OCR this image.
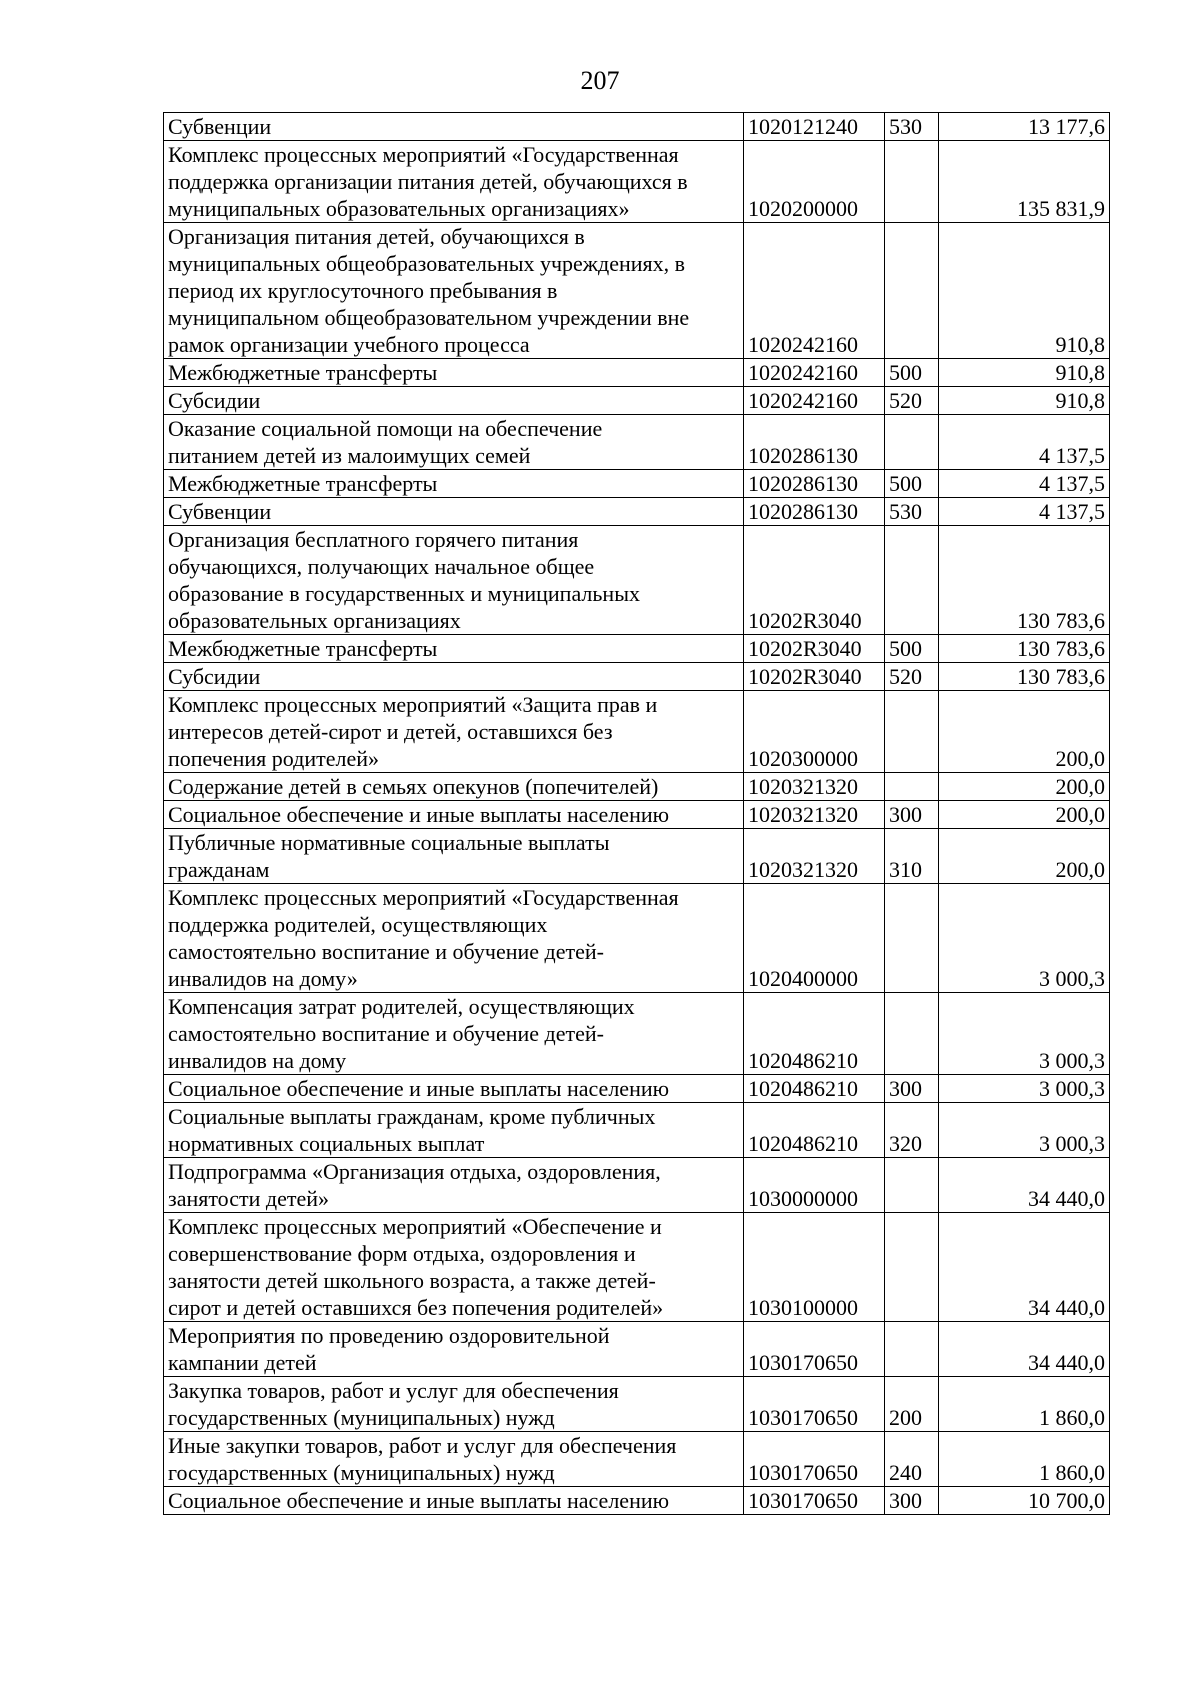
207
Субвенции	1020121240	530	13 177,6
Комплекс процессных мероприятий «Государственная
поддержка организации питания детей, обучающихся в
муниципальных образовательных организациях»	1020200000		135 831,9
Организация питания детей, обучающихся в
муниципальных общеобразовательных учреждениях, в
период их круглосуточного пребывания в
муниципальном общеобразовательном учреждении вне
рамок организации учебного процесса	1020242160		910,8
Межбюджетные трансферты	1020242160	500	910,8
Субсидии	1020242160	520	910,8
Оказание социальной помощи на обеспечение
питанием детей из малоимущих семей	1020286130		4 137,5
Межбюджетные трансферты	1020286130	500	4 137,5
Субвенции	1020286130	530	4 137,5
Организация бесплатного горячего питания
обучающихся, получающих начальное общее
образование в государственных и муниципальных
образовательных организациях	10202R3040		130 783,6
Межбюджетные трансферты	10202R3040	500	130 783,6
Субсидии	10202R3040	520	130 783,6
Комплекс процессных мероприятий «Защита прав и
интересов детей-сирот и детей, оставшихся без
попечения родителей»	1020300000		200,0
Содержание детей в семьях опекунов (попечителей)	1020321320		200,0
Социальное обеспечение и иные выплаты населению	1020321320	300	200,0
Публичные нормативные социальные выплаты
гражданам	1020321320	310	200,0
Комплекс процессных мероприятий «Государственная
поддержка родителей, осуществляющих
самостоятельно воспитание и обучение детей-
инвалидов на дому»	1020400000		3 000,3
Компенсация затрат родителей, осуществляющих
самостоятельно воспитание и обучение детей-
инвалидов на дому	1020486210		3 000,3
Социальное обеспечение и иные выплаты населению	1020486210	300	3 000,3
Социальные выплаты гражданам, кроме публичных
нормативных социальных выплат	1020486210	320	3 000,3
Подпрограмма «Организация отдыха, оздоровления,
занятости детей»	1030000000		34 440,0
Комплекс процессных мероприятий «Обеспечение и
совершенствование форм отдыха, оздоровления и
занятости детей школьного возраста, а также детей-
сирот и детей оставшихся без попечения родителей»	1030100000		34 440,0
Мероприятия по проведению оздоровительной
кампании детей	1030170650		34 440,0
Закупка товаров, работ и услуг для обеспечения
государственных (муниципальных) нужд	1030170650	200	1 860,0
Иные закупки товаров, работ и услуг для обеспечения
государственных (муниципальных) нужд	1030170650	240	1 860,0
Социальное обеспечение и иные выплаты населению	1030170650	300	10 700,0
